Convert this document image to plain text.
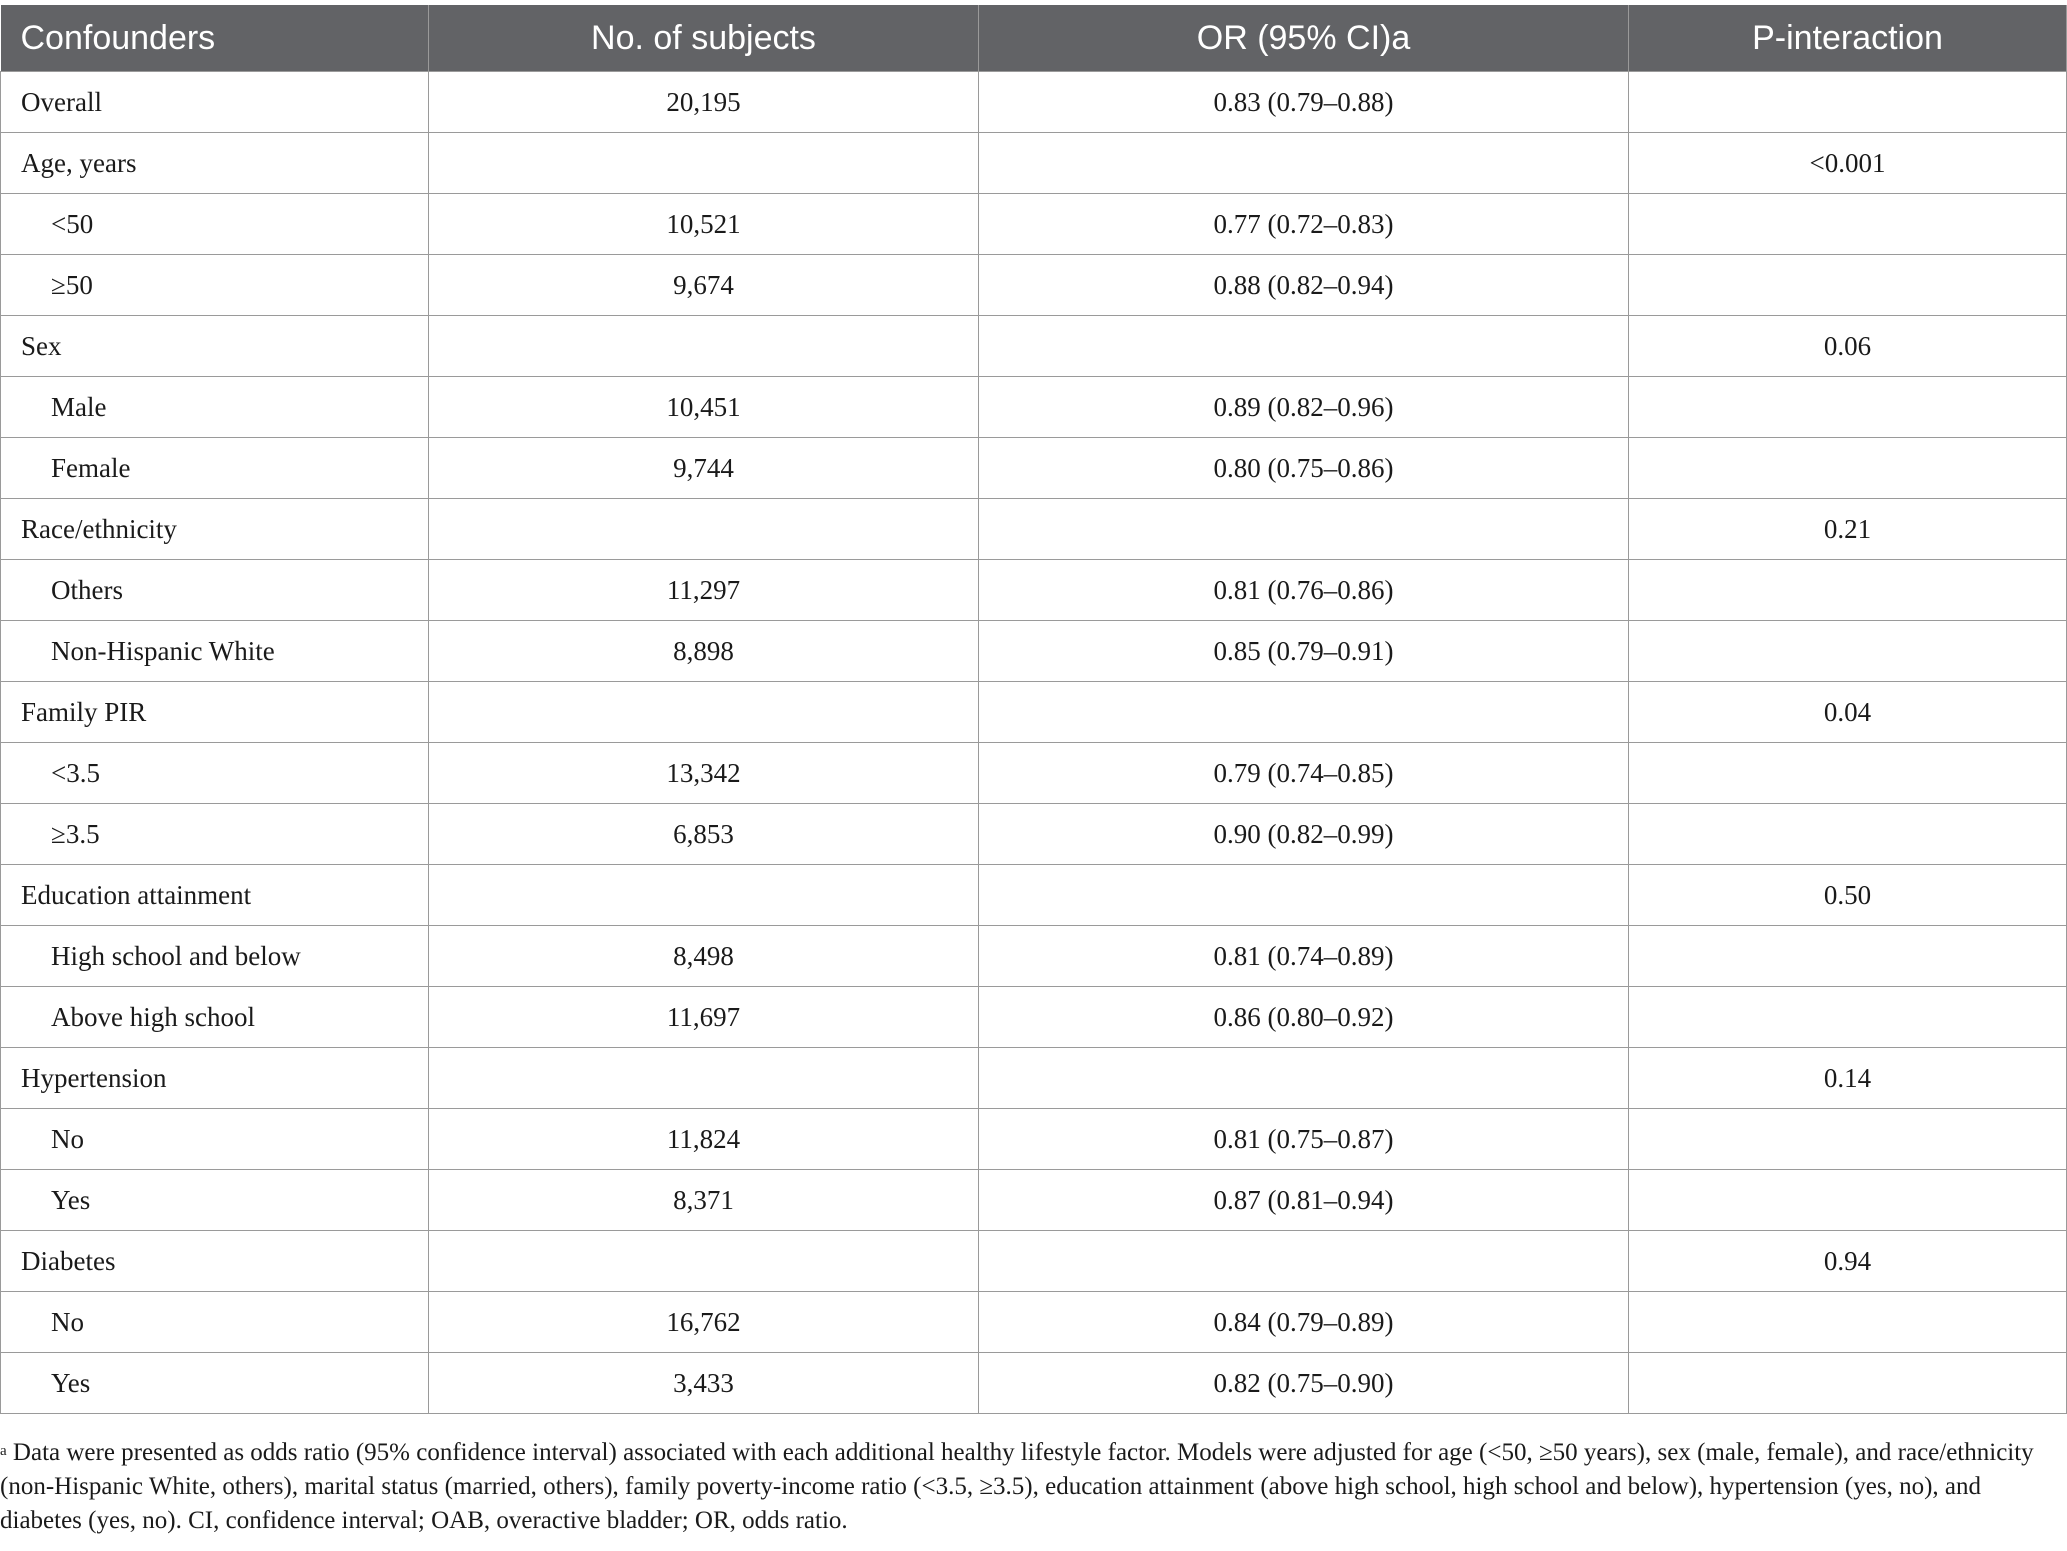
Confounders	No. of subjects	OR (95% CI)a	P-interaction
Overall	20,195	0.83 (0.79–0.88)	
Age, years			<0.001
<50	10,521	0.77 (0.72–0.83)	
≥50	9,674	0.88 (0.82–0.94)	
Sex			0.06
Male	10,451	0.89 (0.82–0.96)	
Female	9,744	0.80 (0.75–0.86)	
Race/ethnicity			0.21
Others	11,297	0.81 (0.76–0.86)	
Non-Hispanic White	8,898	0.85 (0.79–0.91)	
Family PIR			0.04
<3.5	13,342	0.79 (0.74–0.85)	
≥3.5	6,853	0.90 (0.82–0.99)	
Education attainment			0.50
High school and below	8,498	0.81 (0.74–0.89)	
Above high school	11,697	0.86 (0.80–0.92)	
Hypertension			0.14
No	11,824	0.81 (0.75–0.87)	
Yes	8,371	0.87 (0.81–0.94)	
Diabetes			0.94
No	16,762	0.84 (0.79–0.89)	
Yes	3,433	0.82 (0.75–0.90)	
$^a$ Data were presented as odds ratio (95% confidence interval) associated with each additional healthy lifestyle factor. Models were adjusted for age (<50, ≥50 years), sex (male, female), and race/ethnicity (non-Hispanic White, others), marital status (married, others), family poverty-income ratio (<3.5, ≥3.5), education attainment (above high school, high school and below), hypertension (yes, no), and diabetes (yes, no). CI, confidence interval; OAB, overactive bladder; OR, odds ratio.
